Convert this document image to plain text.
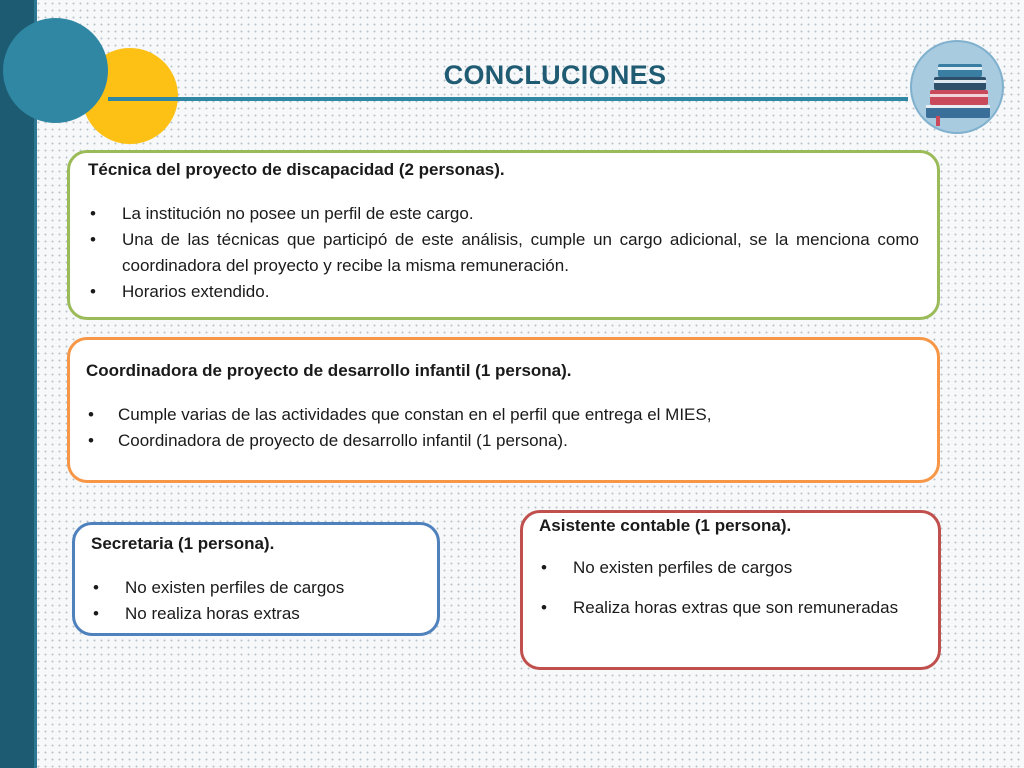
CONCLUCIONES

Técnica del proyecto de discapacidad (2 personas).

• La institución no posee un perfil de este cargo.
• Una de las técnicas que participó de este análisis, cumple un cargo adicional, se la menciona como coordinadora del proyecto y recibe la misma remuneración.
• Horarios extendido.

Coordinadora de proyecto de desarrollo infantil (1 persona).

• Cumple varias de las actividades que constan en el perfil que entrega el MIES,
• Coordinadora de proyecto de desarrollo infantil (1 persona).

Secretaria (1 persona).

• No existen perfiles de cargos
• No realiza horas extras

Asistente contable (1 persona).

• No existen perfiles de cargos
• Realiza horas extras que son remuneradas
